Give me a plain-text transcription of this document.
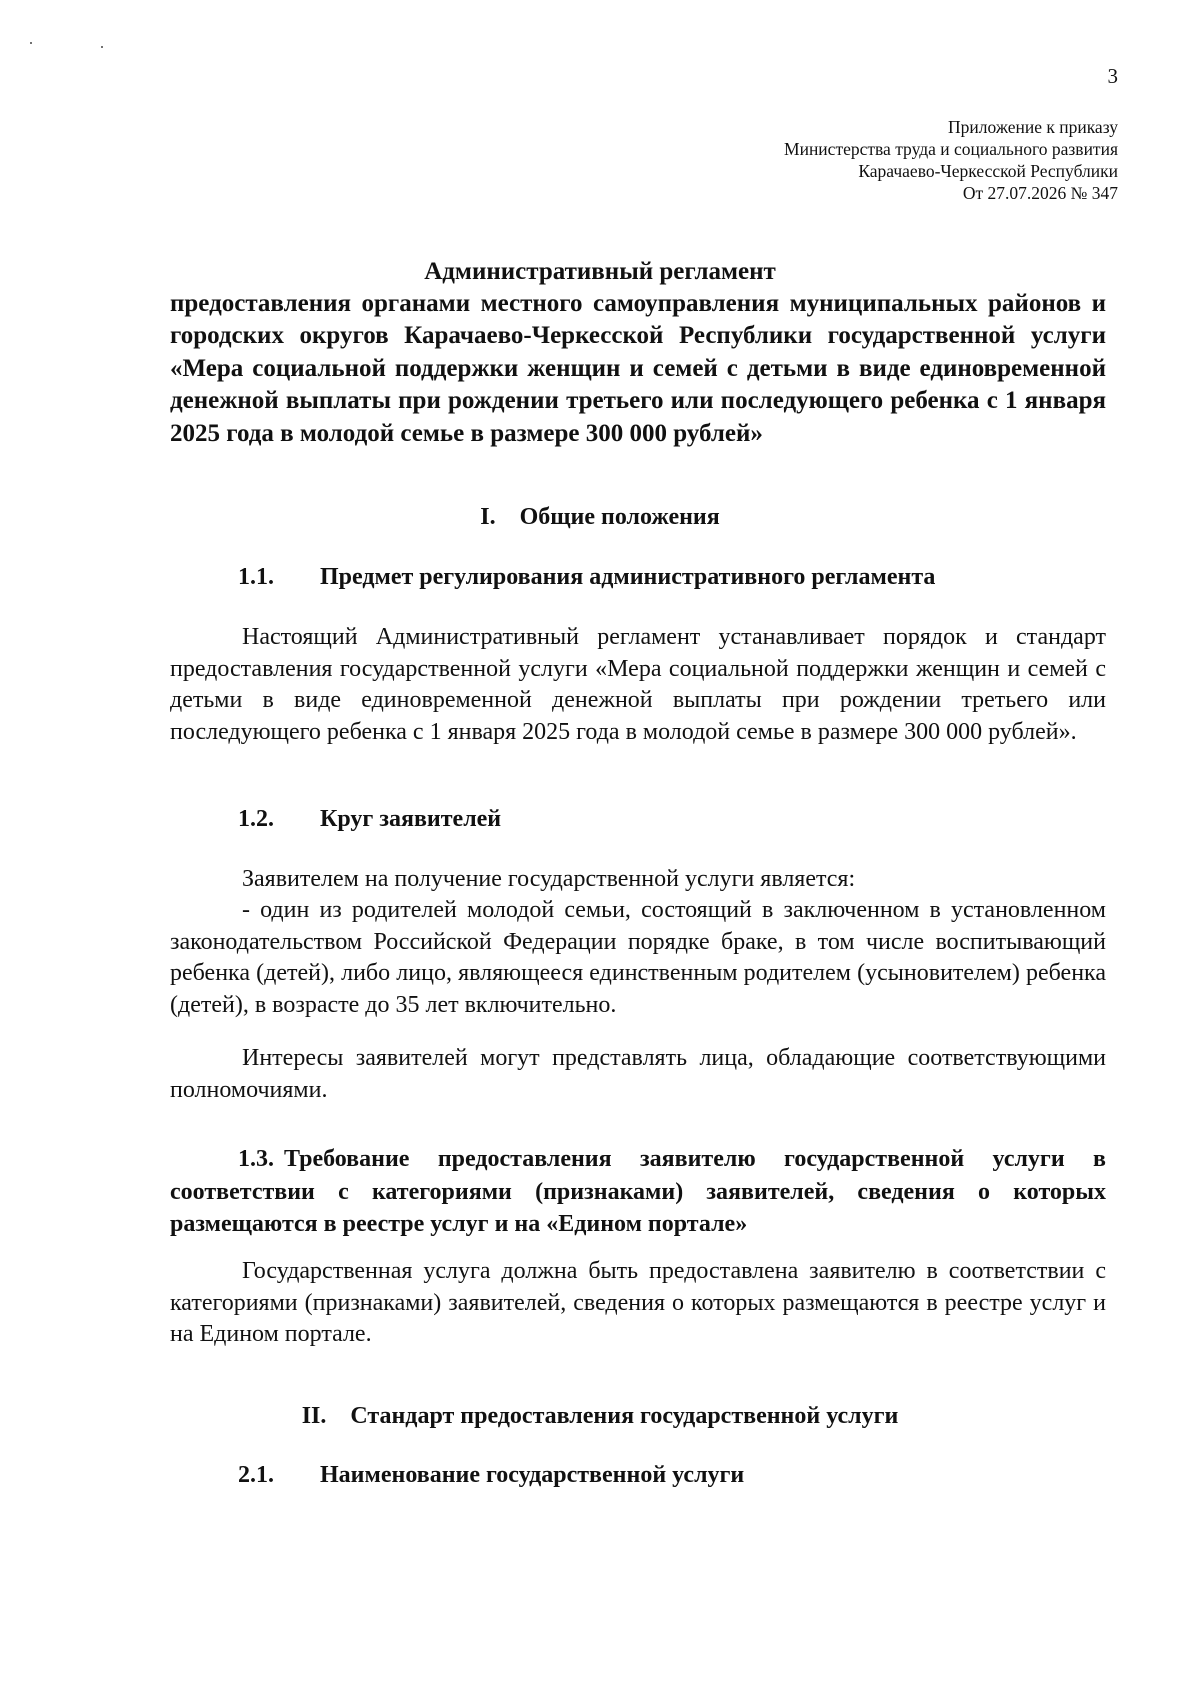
3
Приложение к приказу
Министерства труда и социального развития
Карачаево-Черкесской Республики
От 27.07.2026 № 347
Административный регламент

предоставления органами местного самоуправления муниципальных районов и городских округов Карачаево-Черкесской Республики государственной услуги «Мера социальной поддержки женщин и семей с детьми в виде единовременной денежной выплаты при рождении третьего или последующего ребенка с 1 января 2025 года в молодой семье в размере 300 000 рублей»

I. Общие положения
1.1. Предмет регулирования административного регламента

Настоящий Административный регламент устанавливает порядок и стандарт предоставления государственной услуги «Мера социальной поддержки женщин и семей с детьми в виде единовременной денежной выплаты при рождении третьего или последующего ребенка с 1 января 2025 года в молодой семье в размере 300 000 рублей».

1.2. Круг заявителей

Заявителем на получение государственной услуги является:

- один из родителей молодой семьи, состоящий в заключенном в установленном законодательством Российской Федерации порядке браке, в том числе воспитывающий ребенка (детей), либо лицо, являющееся единственным родителем (усыновителем) ребенка (детей), в возрасте до 35 лет включительно.

Интересы заявителей могут представлять лица, обладающие соответствующими полномочиями.

1.3. Требование предоставления заявителю государственной услуги в соответствии с категориями (признаками) заявителей, сведения о которых размещаются в реестре услуг и на «Едином портале»

Государственная услуга должна быть предоставлена заявителю в соответствии с категориями (признаками) заявителей, сведения о которых размещаются в реестре услуг и на Едином портале.

II. Стандарт предоставления государственной услуги
2.1. Наименование государственной услуги
